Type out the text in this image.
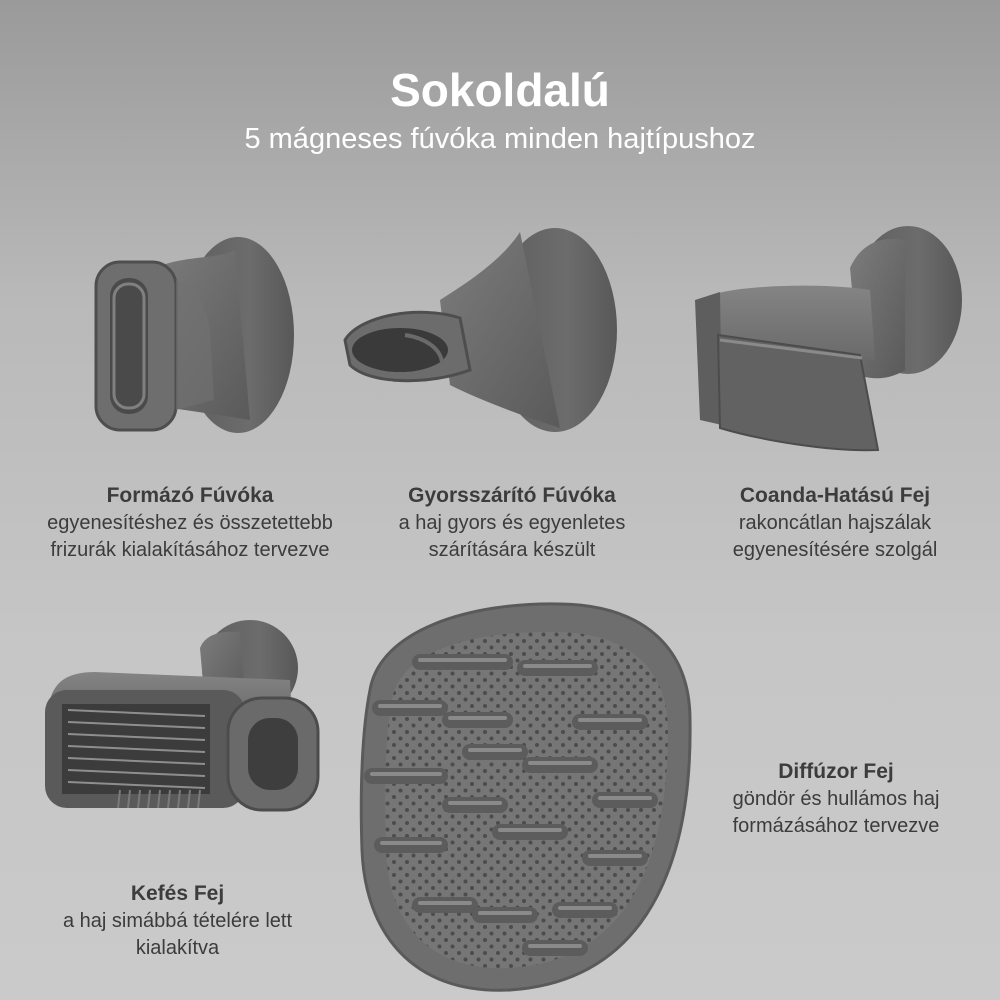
Sokoldalú
5 mágneses fúvóka minden hajtípushoz
Formázó Fúvóka
egyenesítéshez és összetettebb frizurák kialakításához tervezve
Gyorsszárító Fúvóka
a haj gyors és egyenletes szárítására készült
Coanda-Hatású Fej
rakoncátlan hajszálak egyenesítésére szolgál
Kefés Fej
a haj simábbá tételére lett kialakítva
Diffúzor Fej
göndör és hullámos haj formázásához tervezve
